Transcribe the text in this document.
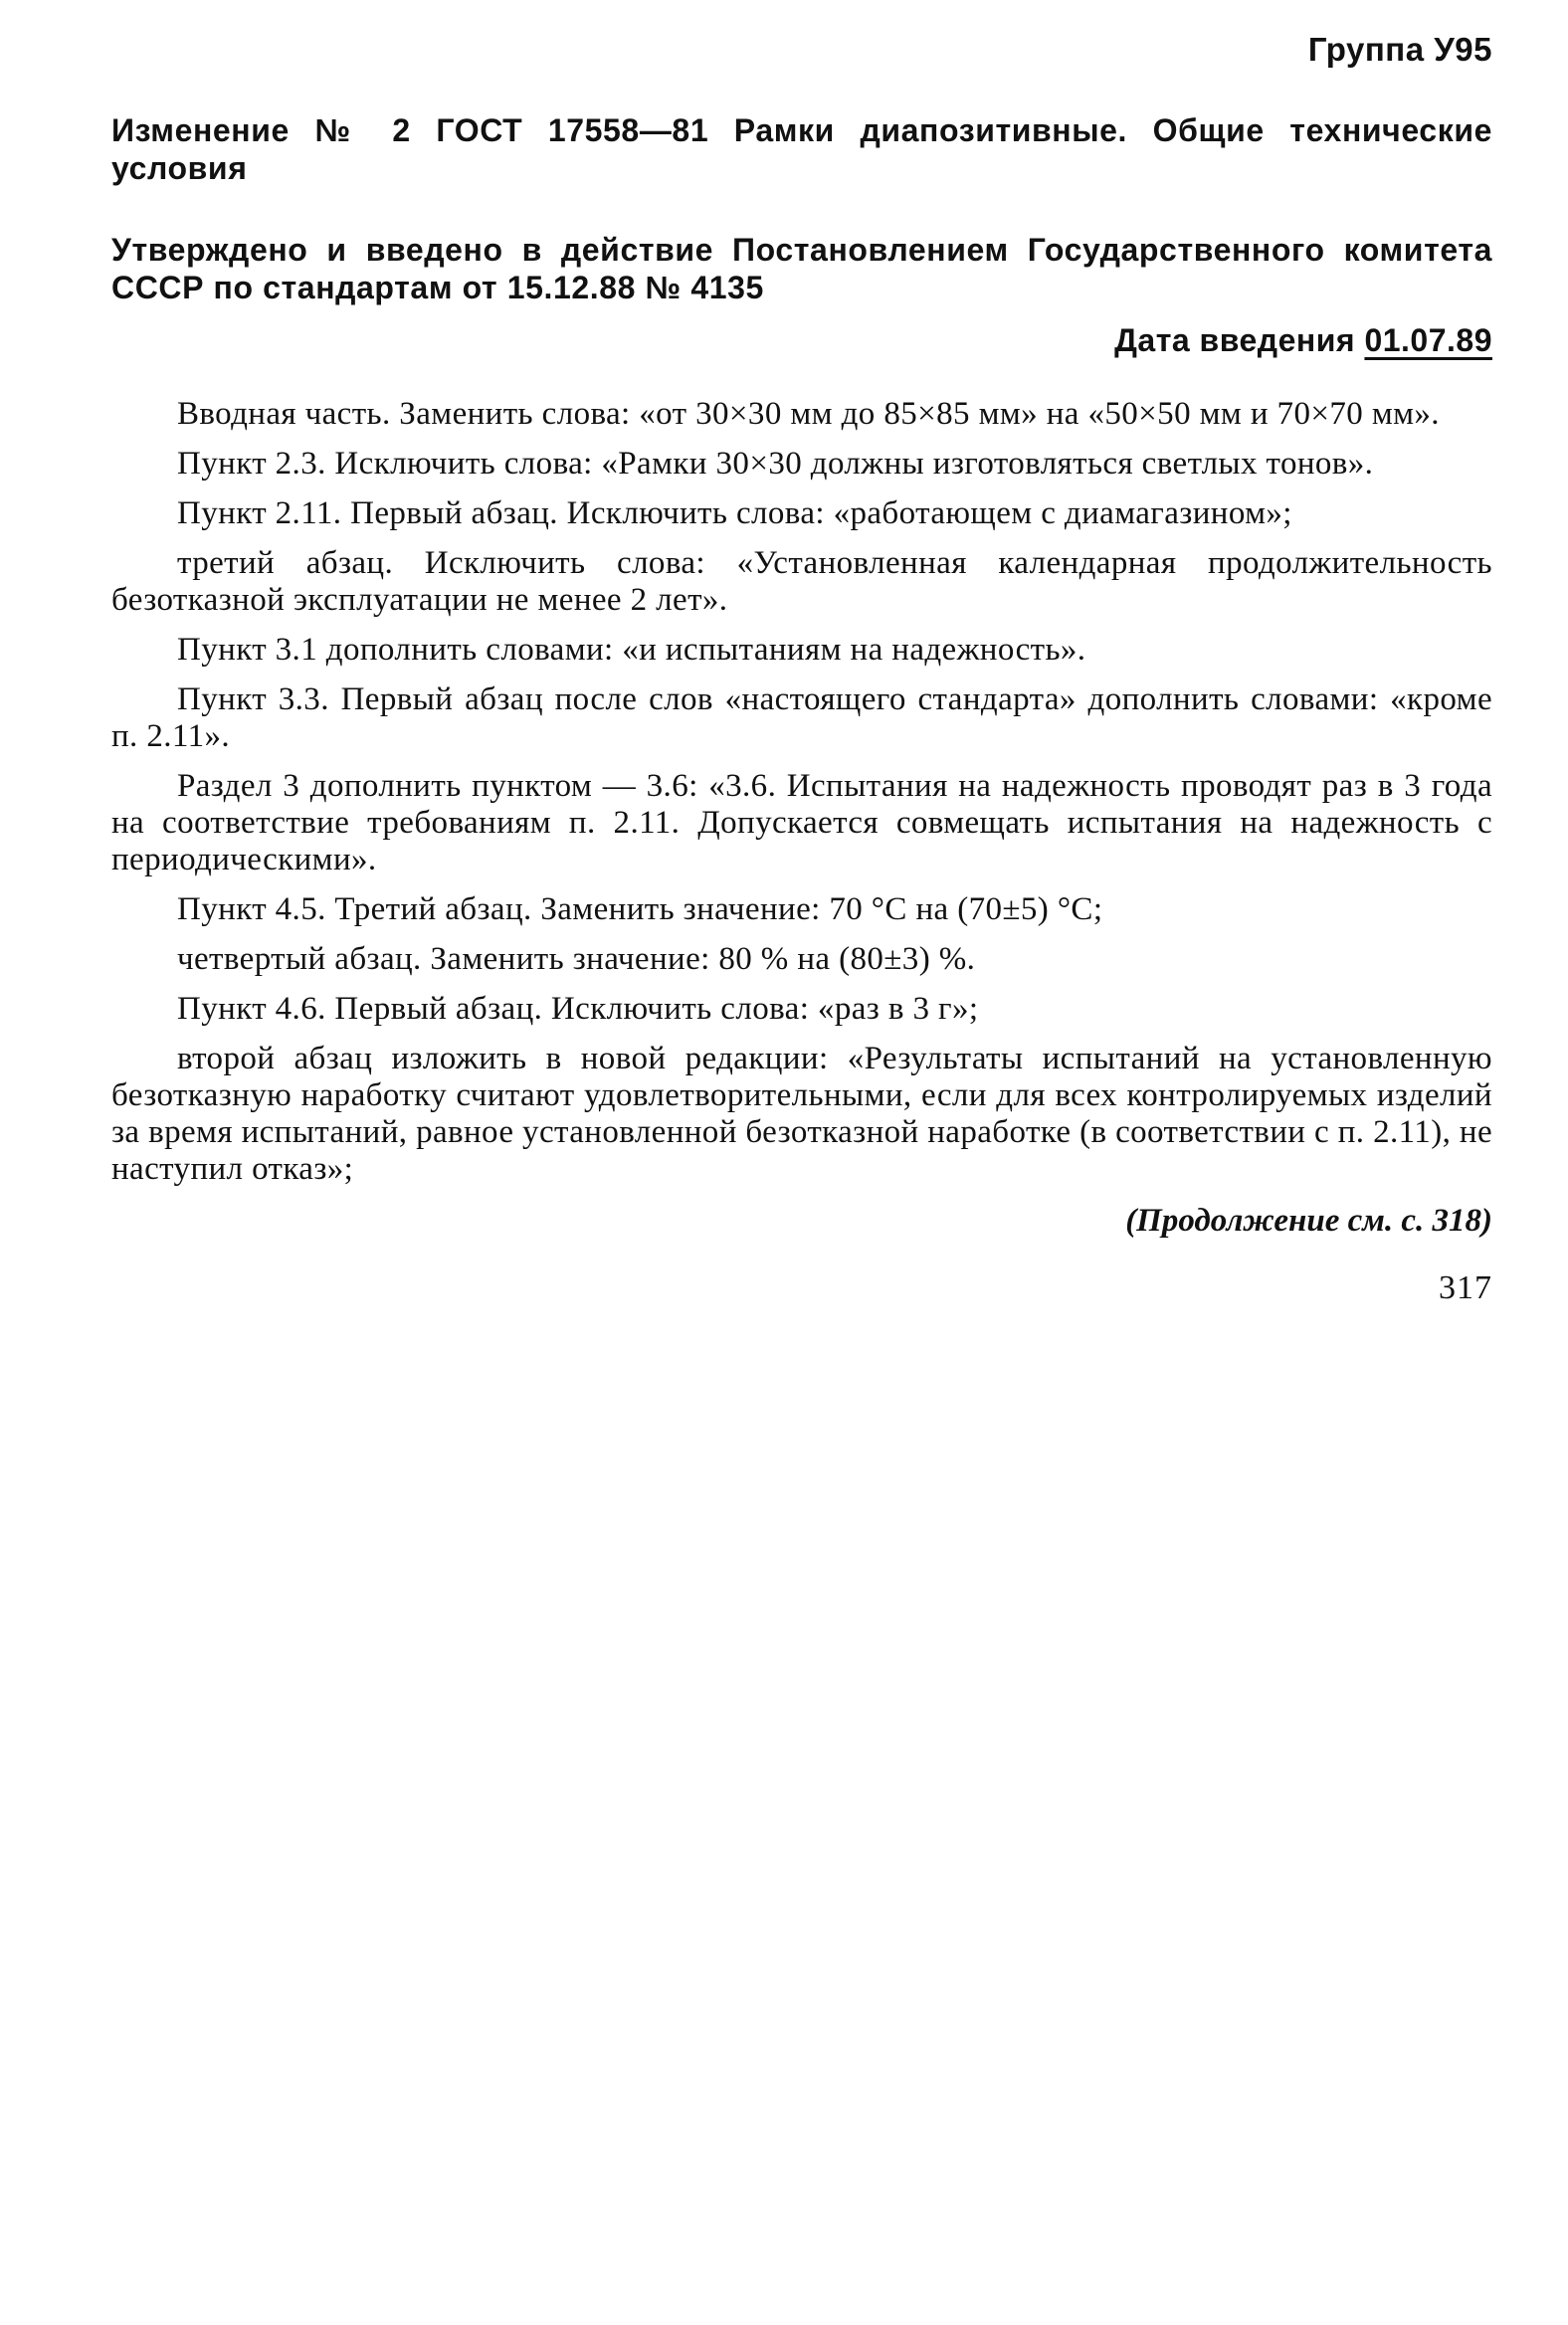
Группа У95
Изменение № 2 ГОСТ 17558—81 Рамки диапозитивные. Общие технические условия
Утверждено и введено в действие Постановлением Государственного комитета СССР по стандартам от 15.12.88 № 4135
Дата введения 01.07.89

Вводная часть. Заменить слова: «от 30×30 мм до 85×85 мм» на «50×50 мм и 70×70 мм».

Пункт 2.3. Исключить слова: «Рамки 30×30 должны изготовляться светлых тонов».

Пункт 2.11. Первый абзац. Исключить слова: «работающем с диамагазином»;

третий абзац. Исключить слова: «Установленная календарная продолжительность безотказной эксплуатации не менее 2 лет».

Пункт 3.1 дополнить словами: «и испытаниям на надежность».

Пункт 3.3. Первый абзац после слов «настоящего стандарта» дополнить словами: «кроме п. 2.11».

Раздел 3 дополнить пунктом — 3.6: «3.6. Испытания на надежность проводят раз в 3 года на соответствие требованиям п. 2.11. Допускается совмещать испытания на надежность с периодическими».

Пункт 4.5. Третий абзац. Заменить значение: 70 °С на (70±5) °С;

четвертый абзац. Заменить значение: 80 % на (80±3) %.

Пункт 4.6. Первый абзац. Исключить слова: «раз в 3 г»;

второй абзац изложить в новой редакции: «Результаты испытаний на установленную безотказную наработку считают удовлетворительными, если для всех контролируемых изделий за время испытаний, равное установленной безотказной наработке (в соответствии с п. 2.11), не наступил отказ»;

(Продолжение см. с. 318)
317
